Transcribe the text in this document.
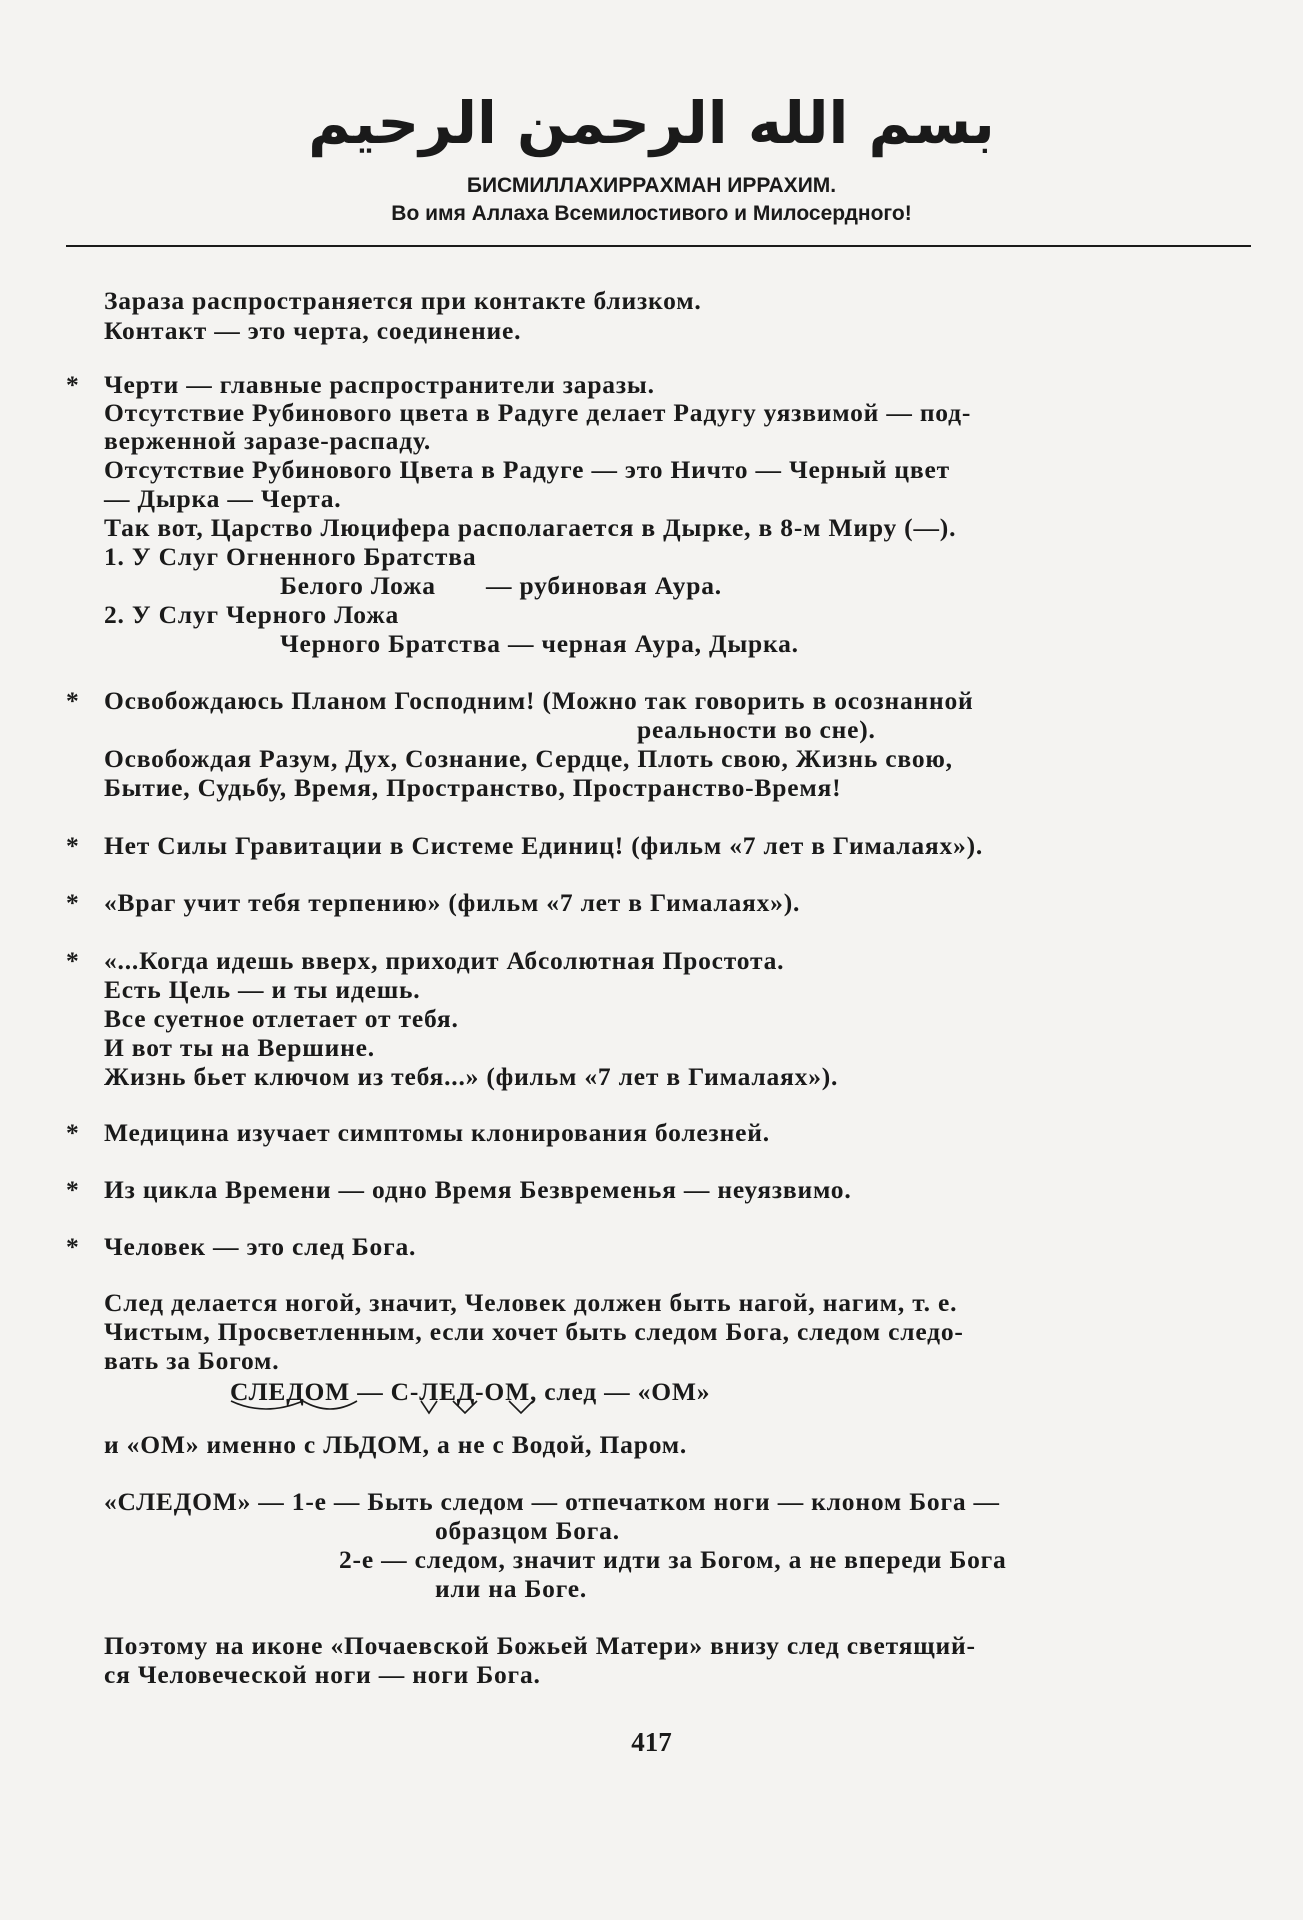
بسم الله الرحمن الرحيم
БИСМИЛЛАХИРРАХМАН ИРРАХИМ.
Во имя Аллаха Всемилостивого и Милосердного!
Зараза распространяется при контакте близком.
Контакт — это черта, соединение.
* Черти — главные распространители заразы.
Отсутствие Рубинового цвета в Радуге делает Радугу уязвимой — под-
верженной заразе-распаду.
Отсутствие Рубинового Цвета в Радуге — это Ничто — Черный цвет
— Дырка — Черта.
Так вот, Царство Люцифера располагается в Дырке, в 8-м Миру (—).
1. У Слуг Огненного Братства
Белого Ложа       — рубиновая Аура.
2. У Слуг Черного Ложа
Черного Братства — черная Аура, Дырка.
* Освобождаюсь Планом Господним! (Можно так говорить в осознанной
реальности во сне).
Освобождая Разум, Дух, Сознание, Сердце, Плоть свою, Жизнь свою,
Бытие, Судьбу, Время, Пространство, Пространство-Время!
* Нет Силы Гравитации в Системе Единиц! (фильм «7 лет в Гималаях»).
* «Враг учит тебя терпению» (фильм «7 лет в Гималаях»).
* «...Когда идешь вверх, приходит Абсолютная Простота.
Есть Цель — и ты идешь.
Все суетное отлетает от тебя.
И вот ты на Вершине.
Жизнь бьет ключом из тебя...» (фильм «7 лет в Гималаях»).
* Медицина изучает симптомы клонирования болезней.
* Из цикла Времени — одно Время Безвременья — неуязвимо.
* Человек — это след Бога.
След делается ногой, значит, Человек должен быть нагой, нагим, т. е.
Чистым, Просветленным, если хочет быть следом Бога, следом следо-
вать за Богом.
СЛЕДОМ — С-ЛЕД-ОМ, след — «ОМ»
и «ОМ» именно с ЛЬДОМ, а не с Водой, Паром.
«СЛЕДОМ» — 1-е — Быть следом — отпечатком ноги — клоном Бога —
образцом Бога.
2-е — следом, значит идти за Богом, а не впереди Бога
или на Боге.
Поэтому на иконе «Почаевской Божьей Матери» внизу след светящий-
ся Человеческой ноги — ноги Бога.
417
